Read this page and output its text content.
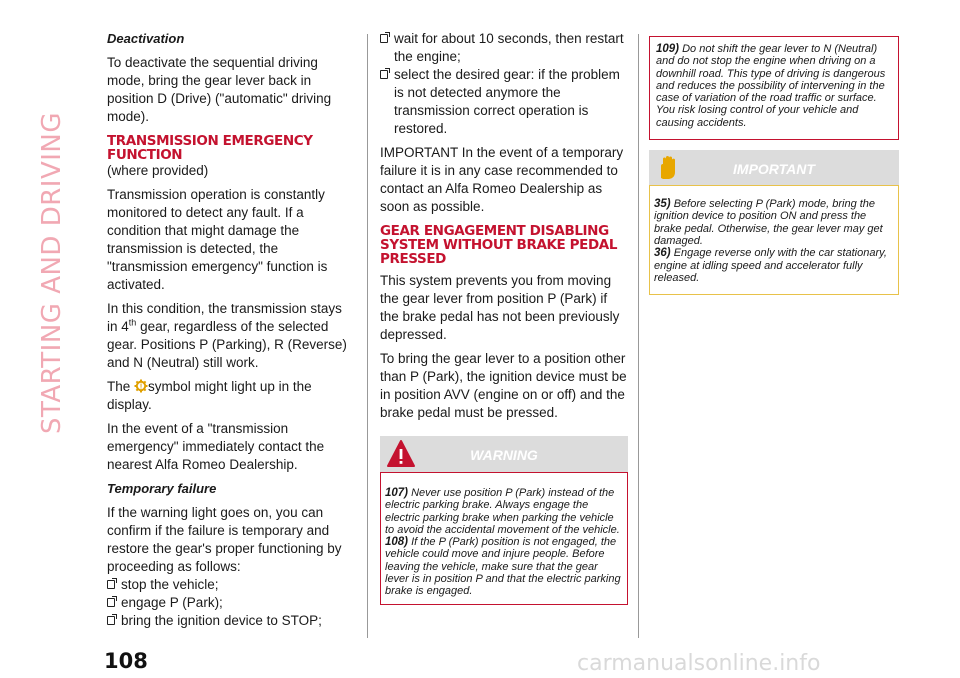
STARTING AND DRIVING

Deactivation

To deactivate the sequential driving mode, bring the gear lever back in position D (Drive) ("automatic" driving mode).

TRANSMISSION EMERGENCY FUNCTION

(where provided)

Transmission operation is constantly monitored to detect any fault. If a condition that might damage the transmission is detected, the "transmission emergency" function is activated.

In this condition, the transmission stays in 4th gear, regardless of the selected gear. Positions P (Parking), R (Reverse) and N (Neutral) still work.

The ! symbol might light up in the display.

In the event of a "transmission emergency" immediately contact the nearest Alfa Romeo Dealership.

Temporary failure

If the warning light goes on, you can confirm if the failure is temporary and restore the gear's proper functioning by proceeding as follows:

stop the vehicle;
engage P (Park);
bring the ignition device to STOP;
wait for about 10 seconds, then restart the engine;
select the desired gear: if the problem is not detected anymore the transmission correct operation is restored.

IMPORTANT In the event of a temporary failure it is in any case recommended to contact an Alfa Romeo Dealership as soon as possible.

GEAR ENGAGEMENT DISABLING SYSTEM WITHOUT BRAKE PEDAL PRESSED

This system prevents you from moving the gear lever from position P (Park) if the brake pedal has not been previously depressed.

To bring the gear lever to a position other than P (Park), the ignition device must be in position AVV (engine on or off) and the brake pedal must be pressed.

WARNING
107) Never use position P (Park) instead of the electric parking brake. Always engage the electric parking brake when parking the vehicle to avoid the accidental movement of the vehicle.
108) If the P (Park) position is not engaged, the vehicle could move and injure people. Before leaving the vehicle, make sure that the gear lever is in position P and that the electric parking brake is engaged.
109) Do not shift the gear lever to N (Neutral) and do not stop the engine when driving on a downhill road. This type of driving is dangerous and reduces the possibility of intervening in the case of variation of the road traffic or surface. You risk losing control of your vehicle and causing accidents.
IMPORTANT
35) Before selecting P (Park) mode, bring the ignition device to position ON and press the brake pedal. Otherwise, the gear lever may get damaged.
36) Engage reverse only with the car stationary, engine at idling speed and accelerator fully released.
108	carmanualsonline.info
